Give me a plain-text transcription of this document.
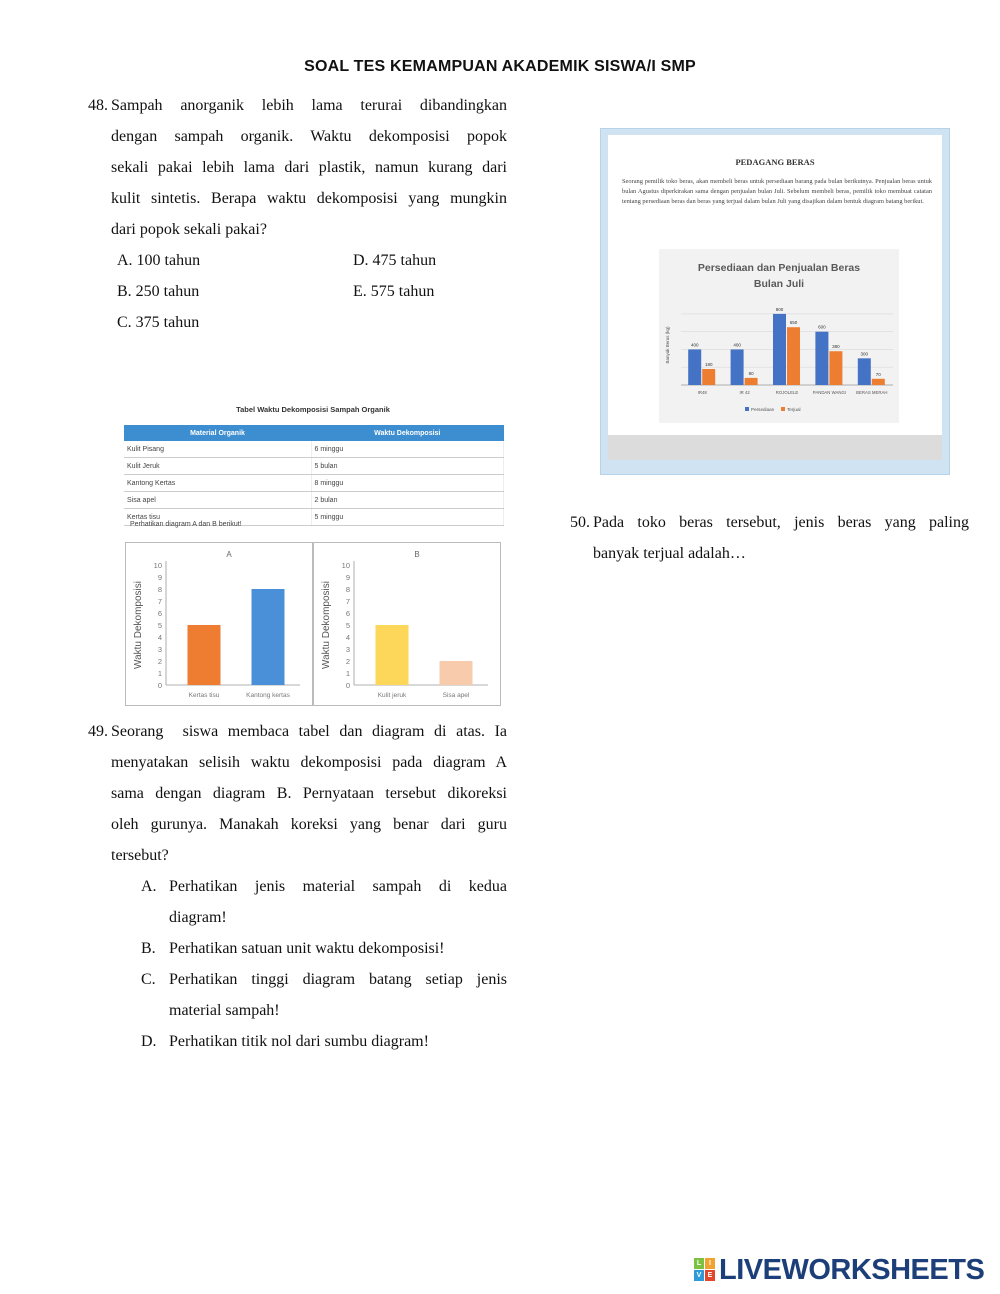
SOAL TES KEMAMPUAN AKADEMIK SISWA/I SMP
48. Sampah anorganik lebih lama terurai dibandingkan
dengan sampah organik. Waktu dekomposisi popok
sekali pakai lebih lama dari plastik, namun kurang dari
kulit sintetis. Berapa waktu dekomposisi yang mungkin
dari popok sekali pakai?
A. 100 tahun
B. 250 tahun
C. 375 tahun
D. 475 tahun
E. 575 tahun
Tabel Waktu Dekomposisi Sampah Organik
Material Organik	Waktu Dekomposisi
Kulit Pisang	6 minggu
Kulit Jeruk	5 bulan
Kantong Kertas	8 minggu
Sisa apel	2 bulan
Kertas tisu	5 minggu
Perhatikan diagram A dan B berikut!
A
0
1
2
3
4
5
6
7
8
9
10
Waktu Dekomposisi
Kertas tisu	Kantong kertas
B
0
1
2
3
4
5
6
7
8
9
10
Waktu Dekomposisi
Kulit jeruk	Sisa apel
PEDAGANG BERAS
Seorang pemilik toko beras, akan membeli beras untuk persediaan barang pada bulan berikutnya. Penjualan beras untuk bulan Agustus diperkirakan sama dengan penjualan bulan Juli. Sebelum membeli beras, pemilik toko membuat catatan tentang persediaan beras dan beras yang terjual dalam bulan Juli yang disajikan dalam bentuk diagram batang berikut.
Persediaan dan Penjualan Beras
Bulan Juli
Banyak Beras (kg)	400
180
IR48
400
80
IR 42
800
650
ROJOLELE
600
380
PANDAN WANGI
300
70
BERAS MERAH
Persediaan	Terjual
49. Seorang  siswa membaca tabel dan diagram di atas. Ia
menyatakan selisih waktu dekomposisi pada diagram A
sama dengan diagram B. Pernyataan tersebut dikoreksi
oleh gurunya. Manakah koreksi yang benar dari guru
tersebut?
A. Perhatikan jenis material sampah di kedua
diagram!
B. Perhatikan satuan unit waktu dekomposisi!
C. Perhatikan tinggi diagram batang setiap jenis
material sampah!
D. Perhatikan titik nol dari sumbu diagram!
50. Pada toko beras tersebut, jenis beras yang paling
banyak terjual adalah…
L	I
V E LIVEWORKSHEETS
